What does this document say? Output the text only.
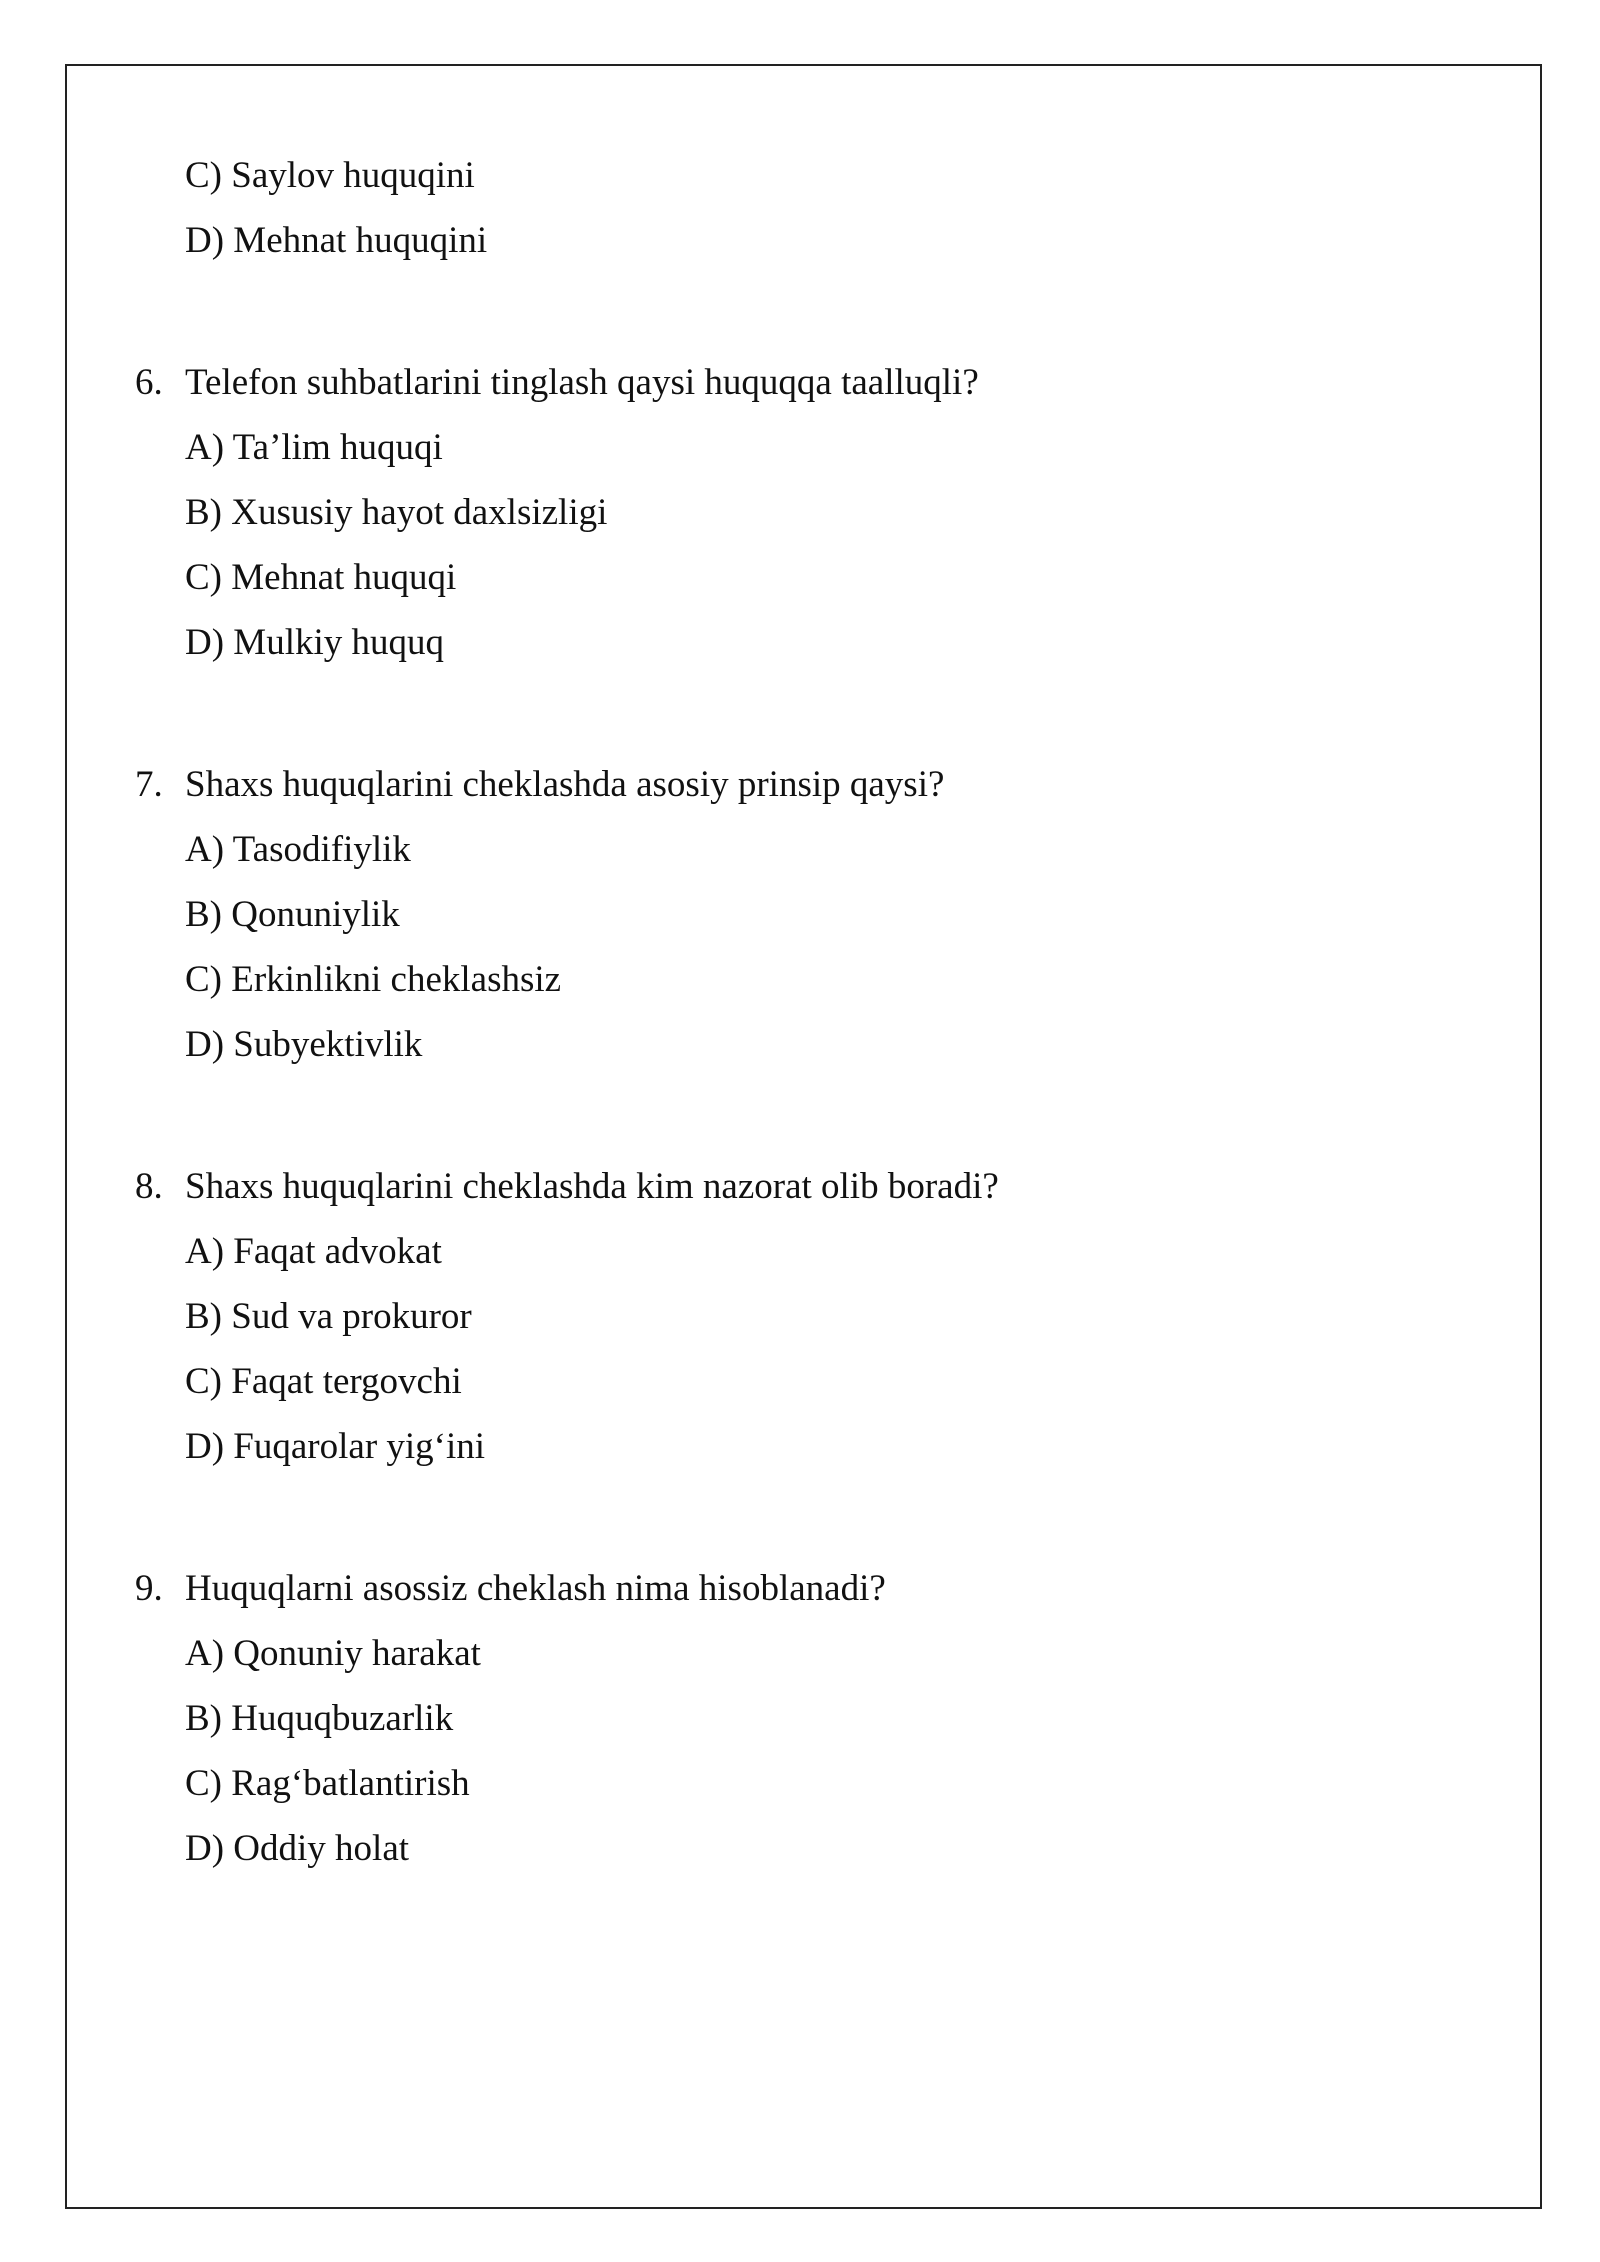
C) Saylov huquqini
D) Mehnat huquqini
6. Telefon suhbatlarini tinglash qaysi huquqqa taalluqli?
A) Ta’lim huquqi
B) Xususiy hayot daxlsizligi
C) Mehnat huquqi
D) Mulkiy huquq
7. Shaxs huquqlarini cheklashda asosiy prinsip qaysi?
A) Tasodifiylik
B) Qonuniylik
C) Erkinlikni cheklashsiz
D) Subyektivlik
8. Shaxs huquqlarini cheklashda kim nazorat olib boradi?
A) Faqat advokat
B) Sud va prokuror
C) Faqat tergovchi
D) Fuqarolar yig‘ini
9. Huquqlarni asossiz cheklash nima hisoblanadi?
A) Qonuniy harakat
B) Huquqbuzarlik
C) Rag‘batlantirish
D) Oddiy holat
